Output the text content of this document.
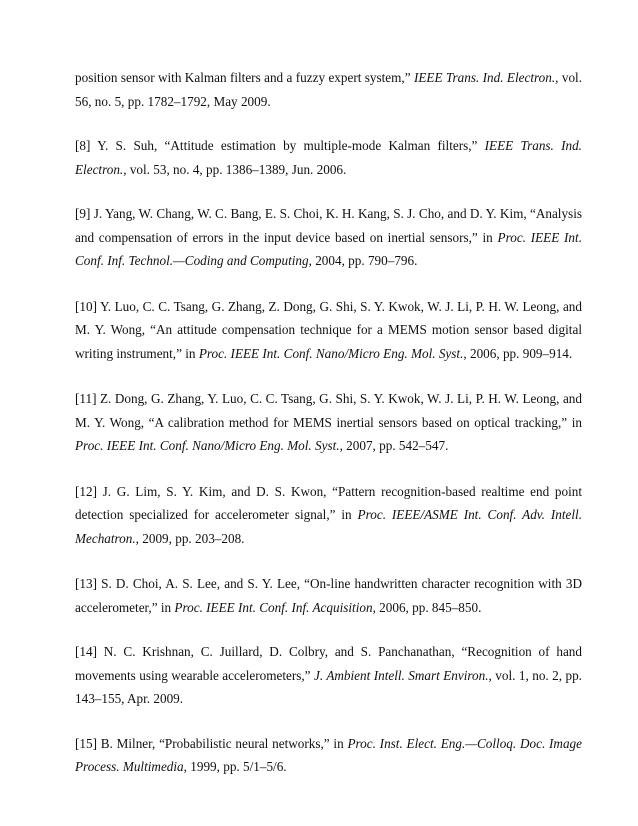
position sensor with Kalman filters and a fuzzy expert system,” IEEE Trans. Ind. Electron., vol. 56, no. 5, pp. 1782–1792, May 2009.

[8] Y. S. Suh, “Attitude estimation by multiple-mode Kalman filters,” IEEE Trans. Ind. Electron., vol. 53, no. 4, pp. 1386–1389, Jun. 2006.

[9] J. Yang, W. Chang, W. C. Bang, E. S. Choi, K. H. Kang, S. J. Cho, and D. Y. Kim, “Analysis and compensation of errors in the input device based on inertial sensors,” in Proc. IEEE Int. Conf. Inf. Technol.—Coding and Computing, 2004, pp. 790–796.

[10] Y. Luo, C. C. Tsang, G. Zhang, Z. Dong, G. Shi, S. Y. Kwok, W. J. Li, P. H. W. Leong, and M. Y. Wong, “An attitude compensation technique for a MEMS motion sensor based digital writing instrument,” in Proc. IEEE Int. Conf. Nano/Micro Eng. Mol. Syst., 2006, pp. 909–914.

[11] Z. Dong, G. Zhang, Y. Luo, C. C. Tsang, G. Shi, S. Y. Kwok, W. J. Li, P. H. W. Leong, and M. Y. Wong, “A calibration method for MEMS inertial sensors based on optical tracking,” in Proc. IEEE Int. Conf. Nano/Micro Eng. Mol. Syst., 2007, pp. 542–547.

[12] J. G. Lim, S. Y. Kim, and D. S. Kwon, “Pattern recognition-based realtime end point detection specialized for accelerometer signal,” in Proc. IEEE/ASME Int. Conf. Adv. Intell. Mechatron., 2009, pp. 203–208.

[13] S. D. Choi, A. S. Lee, and S. Y. Lee, “On-line handwritten character recognition with 3D accelerometer,” in Proc. IEEE Int. Conf. Inf. Acquisition, 2006, pp. 845–850.

[14] N. C. Krishnan, C. Juillard, D. Colbry, and S. Panchanathan, “Recognition of hand movements using wearable accelerometers,” J. Ambient Intell. Smart Environ., vol. 1, no. 2, pp. 143–155, Apr. 2009.

[15] B. Milner, “Probabilistic neural networks,” in Proc. Inst. Elect. Eng.—Colloq. Doc. Image Process. Multimedia, 1999, pp. 5/1–5/6.
